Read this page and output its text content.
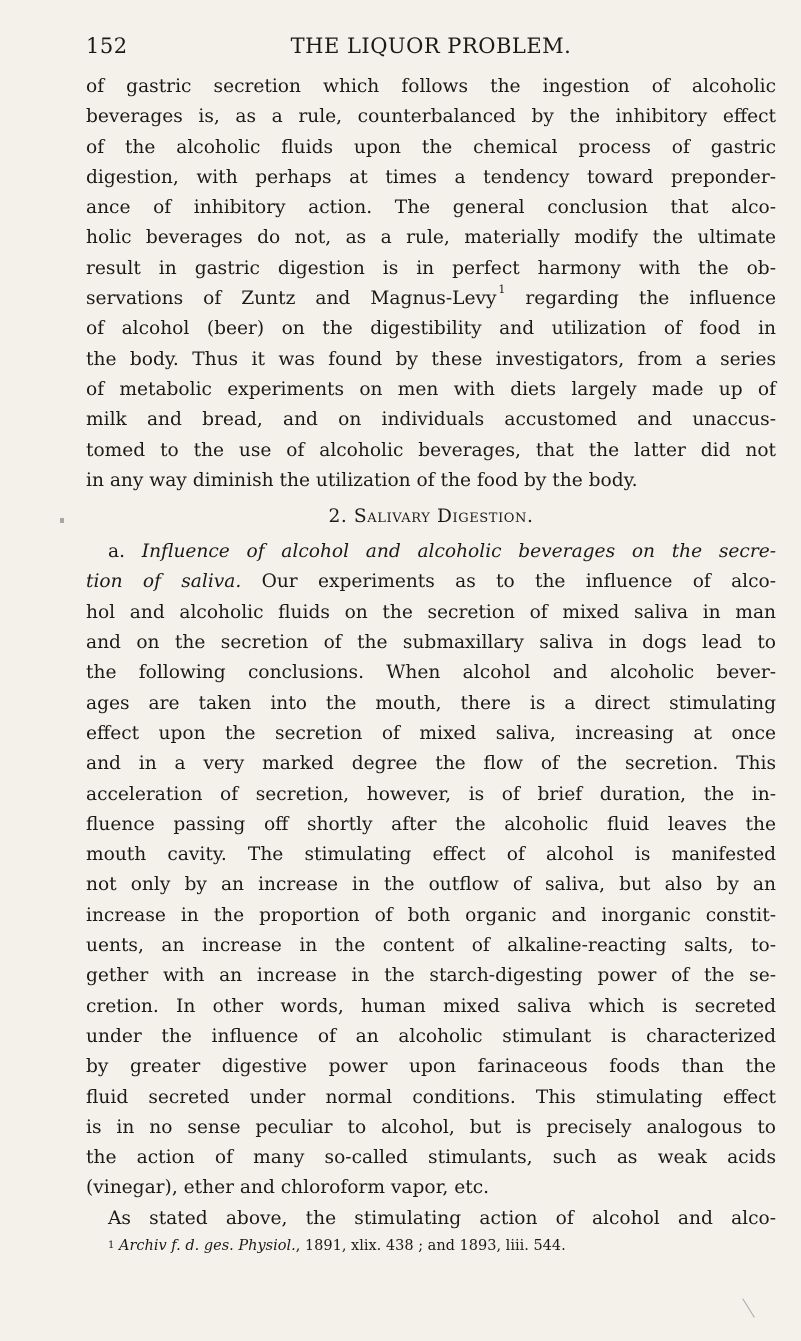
152	THE LIQUOR PROBLEM.
of gastric secretion which follows the ingestion of alcoholic
beverages is, as a rule, counterbalanced by the inhibitory effect
of the alcoholic fluids upon the chemical process of gastric
digestion, with perhaps at times a tendency toward preponder-
ance of inhibitory action. The general conclusion that alco-
holic beverages do not, as a rule, materially modify the ultimate
result in gastric digestion is in perfect harmony with the ob-
servations of Zuntz and Magnus-Levy  $^1$ regarding the influence
of alcohol (beer) on the digestibility and utilization of food in
the body. Thus it was found by these investigators, from a series
of metabolic experiments on men with diets largely made up of
milk and bread, and on individuals accustomed and unaccus-
tomed to the use of alcoholic beverages, that the latter did not
in any way diminish the utilization of the food by the body.
2. Salivary Digestion.
a. Influence of alcohol and alcoholic beverages on the secre-
tion of saliva. Our experiments as to the influence of alco-
hol and alcoholic fluids on the secretion of mixed saliva in man
and on the secretion of the submaxillary saliva in dogs lead to
the following conclusions. When alcohol and alcoholic bever-
ages are taken into the mouth, there is a direct stimulating
effect upon the secretion of mixed saliva, increasing at once
and in a very marked degree the flow of the secretion. This
acceleration of secretion, however, is of brief duration, the in-
fluence passing off shortly after the alcoholic fluid leaves the
mouth cavity. The stimulating effect of alcohol is manifested
not only by an increase in the outflow of saliva, but also by an
increase in the proportion of both organic and inorganic constit-
uents, an increase in the content of alkaline-reacting salts, to-
gether with an increase in the starch-digesting power of the se-
cretion. In other words, human mixed saliva which is secreted
under the influence of an alcoholic stimulant is characterized
by greater digestive power upon farinaceous foods than the
fluid secreted under normal conditions. This stimulating effect
is in no sense peculiar to alcohol, but is precisely analogous to
the action of many so-called stimulants, such as weak acids
(vinegar), ether and chloroform vapor, etc.
As stated above, the stimulating action of alcohol and alco-
$^1$ Archiv f. d. ges. Physiol., 1891, xlix. 438 ; and 1893, liii. 544.
